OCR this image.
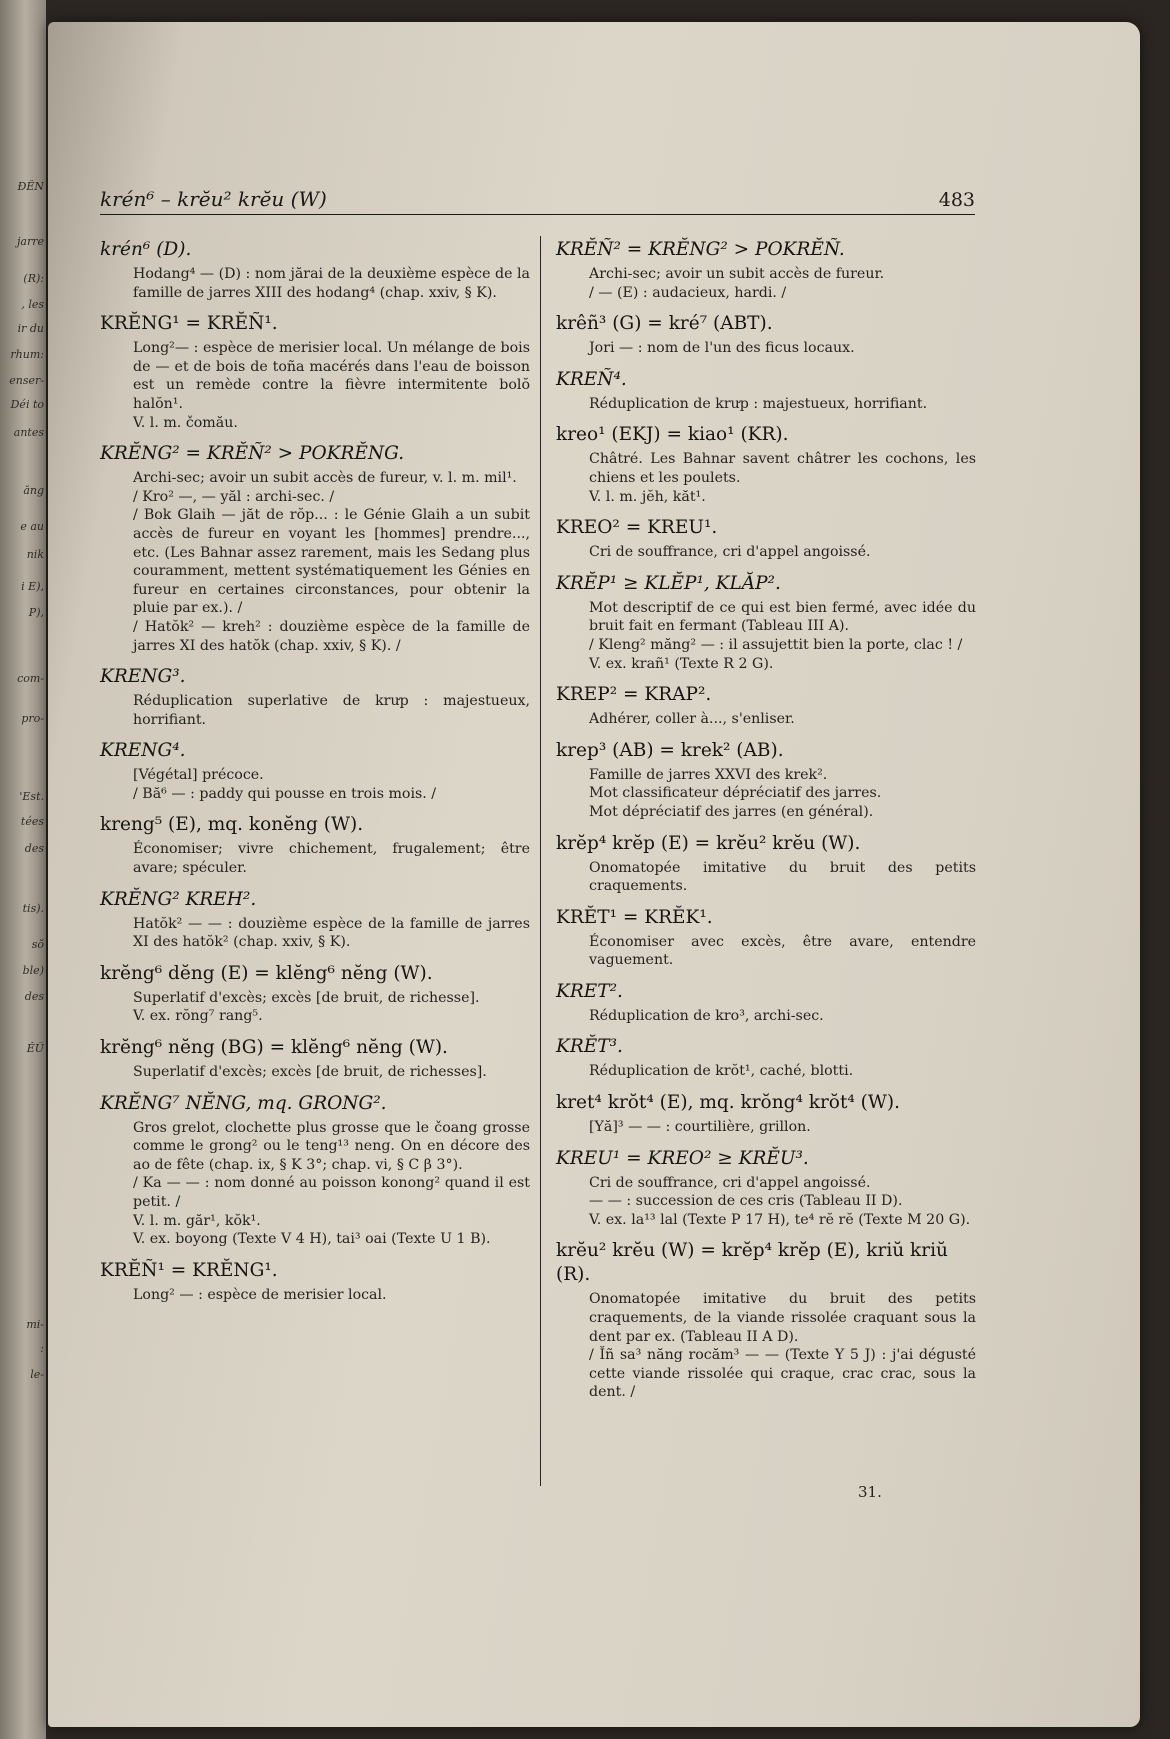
ĐÊN
jarre
(R):
, les
ir du
rhum:
enser-
Déi to
antes
ăng
e au
nik
i E),
P),
com-
pro-
'Est.
tées
des
tis).
sŏ
ble)
des
ĚŨ
mi-
:
le-
krén⁶ – krĕu² krĕu (W)	483
krén⁶ (D).

Hodang⁴ — (D) : nom jărai de la deuxième espèce de la famille de jarres XIII des hodang⁴ (chap. xxiv, § K).

KRĔNG¹ = KRĔÑ¹.

Long²— : espèce de merisier local. Un mélange de bois de — et de bois de toña macérés dans l'eau de boisson est un remède contre la fièvre intermitente bolŏ halŏn¹.

V. l. m. čomău.

KRĔNG² = KRĔÑ² > POKRĔNG.

Archi-sec; avoir un subit accès de fureur, v. l. m. mil¹.

/ Kro² —, — yăl : archi-sec. /

/ Bok Glaih — jăt de rŏp... : le Génie Glaih a un subit accès de fureur en voyant les [hommes] prendre..., etc. (Les Bahnar assez rarement, mais les Sedang plus couramment, mettent systématiquement les Génies en fureur en certaines circonstances, pour obtenir la pluie par ex.). /

/ Hatŏk² — kreh² : douzième espèce de la famille de jarres XI des hatŏk (chap. xxiv, § K). /

KRENG³.

Réduplication superlative de krưp : majestueux, horrifiant.

KRENG⁴.

[Végétal] précoce.

/ Bă⁶ — : paddy qui pousse en trois mois. /

kreng⁵ (E), mq. konĕng (W).

Économiser; vivre chichement, frugalement; être avare; spéculer.

KRĔNG² KREH².

Hatŏk² — — : douzième espèce de la famille de jarres XI des hatŏk² (chap. xxiv, § K).

krĕng⁶ dĕng (E) = klĕng⁶ nĕng (W).

Superlatif d'excès; excès [de bruit, de richesse].

V. ex. rŏng⁷ rang⁵.

krĕng⁶ nĕng (BG) = klĕng⁶ nĕng (W).

Superlatif d'excès; excès [de bruit, de richesses].

KRĔNG⁷ NĔNG, mq. GRONG².

Gros grelot, clochette plus grosse que le čoang grosse comme le grong² ou le teng¹³ neng. On en décore des ao de fête (chap. ix, § K 3°; chap. vi, § C β 3°).

/ Ka — — : nom donné au poisson konong² quand il est petit. /

V. l. m. găr¹, kŏk¹.

V. ex. boyong (Texte V 4 H), tai³ oai (Texte U 1 B).

KRĔÑ¹ = KRĔNG¹.

Long² — : espèce de merisier local.

KRĔÑ² = KRĔNG² > POKRĔÑ.

Archi-sec; avoir un subit accès de fureur.

/ — (E) : audacieux, hardi. /

krêñ³ (G) = kré⁷ (ABT).

Jori — : nom de l'un des ficus locaux.

KREÑ⁴.

Réduplication de krưp : majestueux, horrifiant.

kreo¹ (EKJ) = kiao¹ (KR).

Châtré. Les Bahnar savent châtrer les cochons, les chiens et les poulets.

V. l. m. jĕh, kăt¹.

KREO² = KREU¹.

Cri de souffrance, cri d'appel angoissé.

KRĔP¹ ≥ KLĔP¹, KLĂP².

Mot descriptif de ce qui est bien fermé, avec idée du bruit fait en fermant (Tableau III A).

/ Kleng² măng² — : il assujettit bien la porte, clac ! /

V. ex. krañ¹ (Texte R 2 G).

KREP² = KRAP².

Adhérer, coller à..., s'enliser.

krep³ (AB) = krek² (AB).

Famille de jarres XXVI des krek².

Mot classificateur dépréciatif des jarres.

Mot dépréciatif des jarres (en général).

krĕp⁴ krĕp (E) = krĕu² krĕu (W).

Onomatopée imitative du bruit des petits craquements.

KRĔT¹ = KRĔK¹.

Économiser avec excès, être avare, entendre vaguement.

KRET².

Réduplication de kro³, archi-sec.

KRĔT³.

Réduplication de krŏt¹, caché, blotti.

kret⁴ krŏt⁴ (E), mq. krŏng⁴ krŏt⁴ (W).

[Yă]³ — — : courtilière, grillon.

KREU¹ = KREO² ≥ KRĔU³.

Cri de souffrance, cri d'appel angoissé.

— — : succession de ces cris (Tableau II D).

V. ex. la¹³ lal (Texte P 17 H), te⁴ rĕ rĕ (Texte M 20 G).

krĕu² krĕu (W) = krĕp⁴ krĕp (E), kriŭ kriŭ (R).

Onomatopée imitative du bruit des petits craquements, de la viande rissolée craquant sous la dent par ex. (Tableau II A D).

/ Ĭñ sa³ năng rocăm³ — — (Texte Y 5 J) : j'ai dégusté cette viande rissolée qui craque, crac crac, sous la dent. /

31.
